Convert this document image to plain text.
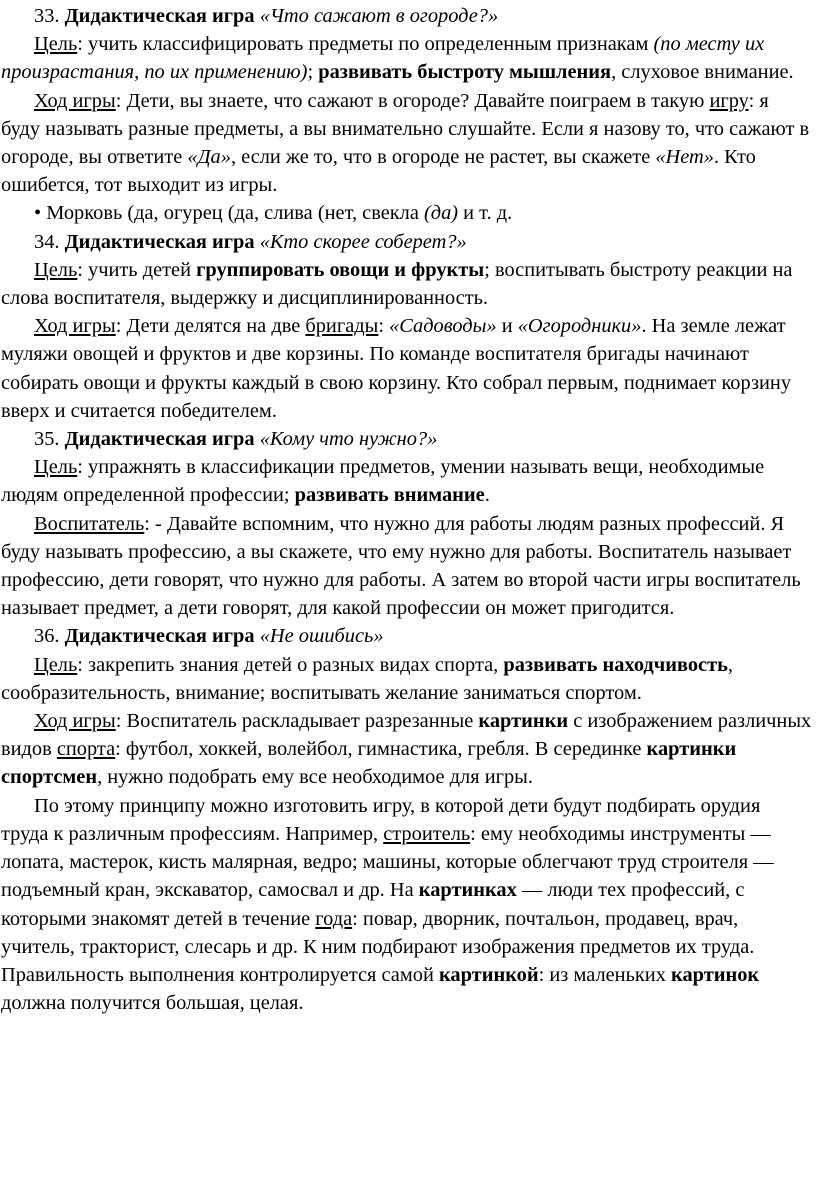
33. Дидактическая игра «Что сажают в огороде?»

Цель: учить классифицировать предметы по определенным признакам (по месту их произрастания, по их применению); развивать быстроту мышления, слуховое внимание.

Ход игры: Дети, вы знаете, что сажают в огороде? Давайте поиграем в такую игру: я буду называть разные предметы, а вы внимательно слушайте. Если я назову то, что сажают в огороде, вы ответите «Да», если же то, что в огороде не растет, вы скажете «Нет». Кто ошибется, тот выходит из игры.

• Морковь (да, огурец (да, слива (нет, свекла (да) и т. д.

34. Дидактическая игра «Кто скорее соберет?»

Цель: учить детей группировать овощи и фрукты; воспитывать быстроту реакции на слова воспитателя, выдержку и дисциплинированность.

Ход игры: Дети делятся на две бригады: «Садоводы» и «Огородники». На земле лежат муляжи овощей и фруктов и две корзины. По команде воспитателя бригады начинают собирать овощи и фрукты каждый в свою корзину. Кто собрал первым, поднимает корзину вверх и считается победителем.

35. Дидактическая игра «Кому что нужно?»

Цель: упражнять в классификации предметов, умении называть вещи, необходимые людям определенной профессии; развивать внимание.

Воспитатель: - Давайте вспомним, что нужно для работы людям разных профессий. Я буду называть профессию, а вы скажете, что ему нужно для работы. Воспитатель называет профессию, дети говорят, что нужно для работы. А затем во второй части игры воспитатель называет предмет, а дети говорят, для какой профессии он может пригодится.

36. Дидактическая игра «Не ошибись»

Цель: закрепить знания детей о разных видах спорта, развивать находчивость, сообразительность, внимание; воспитывать желание заниматься спортом.

Ход игры: Воспитатель раскладывает разрезанные картинки с изображением различных видов спорта: футбол, хоккей, волейбол, гимнастика, гребля. В серединке картинки спортсмен, нужно подобрать ему все необходимое для игры.

По этому принципу можно изготовить игру, в которой дети будут подбирать орудия труда к различным профессиям. Например, строитель: ему необходимы инструменты — лопата, мастерок, кисть малярная, ведро; машины, которые облегчают труд строителя — подъемный кран, экскаватор, самосвал и др. На картинках — люди тех профессий, с которыми знакомят детей в течение года: повар, дворник, почтальон, продавец, врач, учитель, тракторист, слесарь и др. К ним подбирают изображения предметов их труда. Правильность выполнения контролируется самой картинкой: из маленьких картинок должна получится большая, целая.
